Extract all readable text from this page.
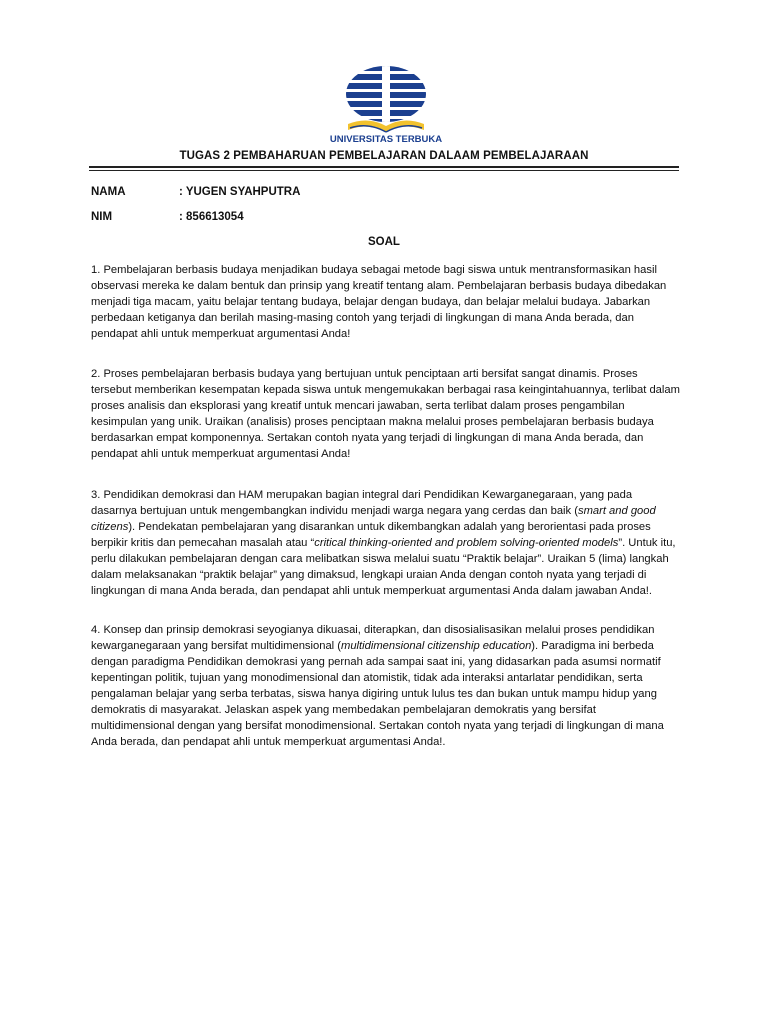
UNIVERSITAS TERBUKA
TUGAS 2 PEMBAHARUAN PEMBELAJARAN DALAAM PEMBELAJARAAN
NAMA	: YUGEN SYAHPUTRA
NIM	: 856613054
SOAL

1. Pembelajaran berbasis budaya menjadikan budaya sebagai metode bagi siswa untuk mentransformasikan hasil observasi mereka ke dalam bentuk dan prinsip yang kreatif tentang alam. Pembelajaran berbasis budaya dibedakan menjadi tiga macam, yaitu belajar tentang budaya, belajar dengan budaya, dan belajar melalui budaya. Jabarkan perbedaan ketiganya dan berilah masing-masing contoh yang terjadi di lingkungan di mana Anda berada, dan pendapat ahli untuk memperkuat argumentasi Anda!

2. Proses pembelajaran berbasis budaya yang bertujuan untuk penciptaan arti bersifat sangat dinamis. Proses tersebut memberikan kesempatan kepada siswa untuk mengemukakan berbagai rasa keingintahuannya, terlibat dalam proses analisis dan eksplorasi yang kreatif untuk mencari jawaban, serta terlibat dalam proses pengambilan kesimpulan yang unik. Uraikan (analisis) proses penciptaan makna melalui proses pembelajaran berbasis budaya berdasarkan empat komponennya. Sertakan contoh nyata yang terjadi di lingkungan di mana Anda berada, dan pendapat ahli untuk memperkuat argumentasi Anda!

3. Pendidikan demokrasi dan HAM merupakan bagian integral dari Pendidikan Kewarganegaraan, yang pada dasarnya bertujuan untuk mengembangkan individu menjadi warga negara yang cerdas dan baik (smart and good citizens). Pendekatan pembelajaran yang disarankan untuk dikembangkan adalah yang berorientasi pada proses berpikir kritis dan pemecahan masalah atau “critical thinking-oriented and problem solving-oriented models”. Untuk itu, perlu dilakukan pembelajaran dengan cara melibatkan siswa melalui suatu “Praktik belajar”. Uraikan 5 (lima) langkah dalam melaksanakan “praktik belajar” yang dimaksud, lengkapi uraian Anda dengan contoh nyata yang terjadi di lingkungan di mana Anda berada, dan pendapat ahli untuk memperkuat argumentasi Anda dalam jawaban Anda!.

4. Konsep dan prinsip demokrasi seyogianya dikuasai, diterapkan, dan disosialisasikan melalui proses pendidikan kewarganegaraan yang bersifat multidimensional (multidimensional citizenship education). Paradigma ini berbeda dengan paradigma Pendidikan demokrasi yang pernah ada sampai saat ini, yang didasarkan pada asumsi normatif kepentingan politik, tujuan yang monodimensional dan atomistik, tidak ada interaksi antarlatar pendidikan, serta pengalaman belajar yang serba terbatas, siswa hanya digiring untuk lulus tes dan bukan untuk mampu hidup yang demokratis di masyarakat. Jelaskan aspek yang membedakan pembelajaran demokratis yang bersifat multidimensional dengan yang bersifat monodimensional. Sertakan contoh nyata yang terjadi di lingkungan di mana Anda berada, dan pendapat ahli untuk memperkuat argumentasi Anda!.
